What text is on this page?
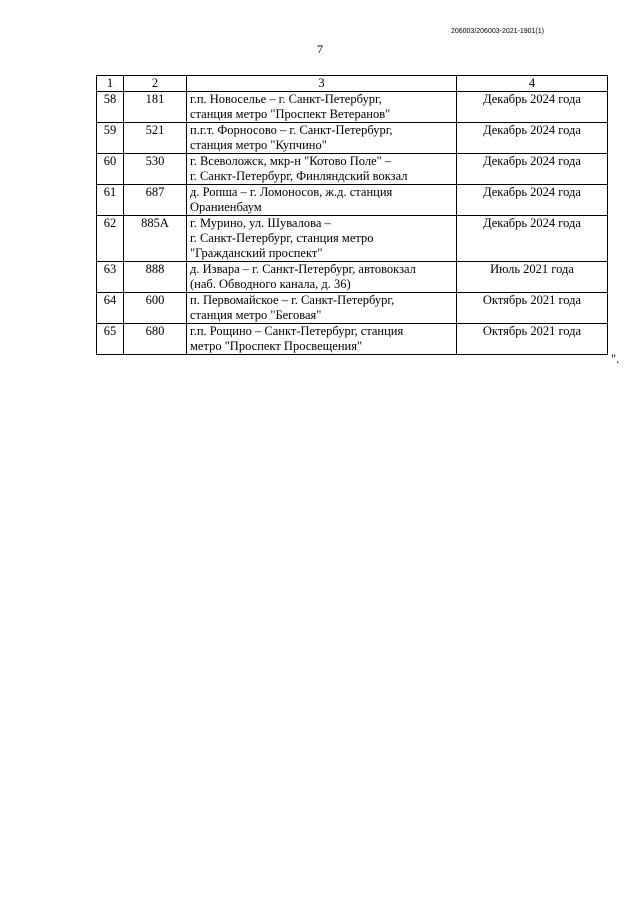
206003/206003-2021-1901(1)
7
1	2	3	4
58	181	г.п. Новоселье – г. Санкт-Петербург,
станция метро "Проспект Ветеранов"	Декабрь 2024 года
59	521	п.г.т. Форносово – г. Санкт-Петербург,
станция метро "Купчино"	Декабрь 2024 года
60	530	г. Всеволожск, мкр-н "Котово Поле" –
г. Санкт-Петербург, Финляндский вокзал	Декабрь 2024 года
61	687	д. Ропша – г. Ломоносов, ж.д. станция
Ораниенбаум	Декабрь 2024 года
62	885А	г. Мурино, ул. Шувалова –
г. Санкт-Петербург, станция метро
"Гражданский проспект"	Декабрь 2024 года
63	888	д. Извара – г. Санкт-Петербург, автовокзал
(наб. Обводного канала, д. 36)	Июль 2021 года
64	600	п. Первомайское – г. Санкт-Петербург,
станция метро "Беговая"	Октябрь 2021 года
65	680	г.п. Рощино – Санкт-Петербург, станция
метро "Проспект Просвещения"	Октябрь 2021 года
".
